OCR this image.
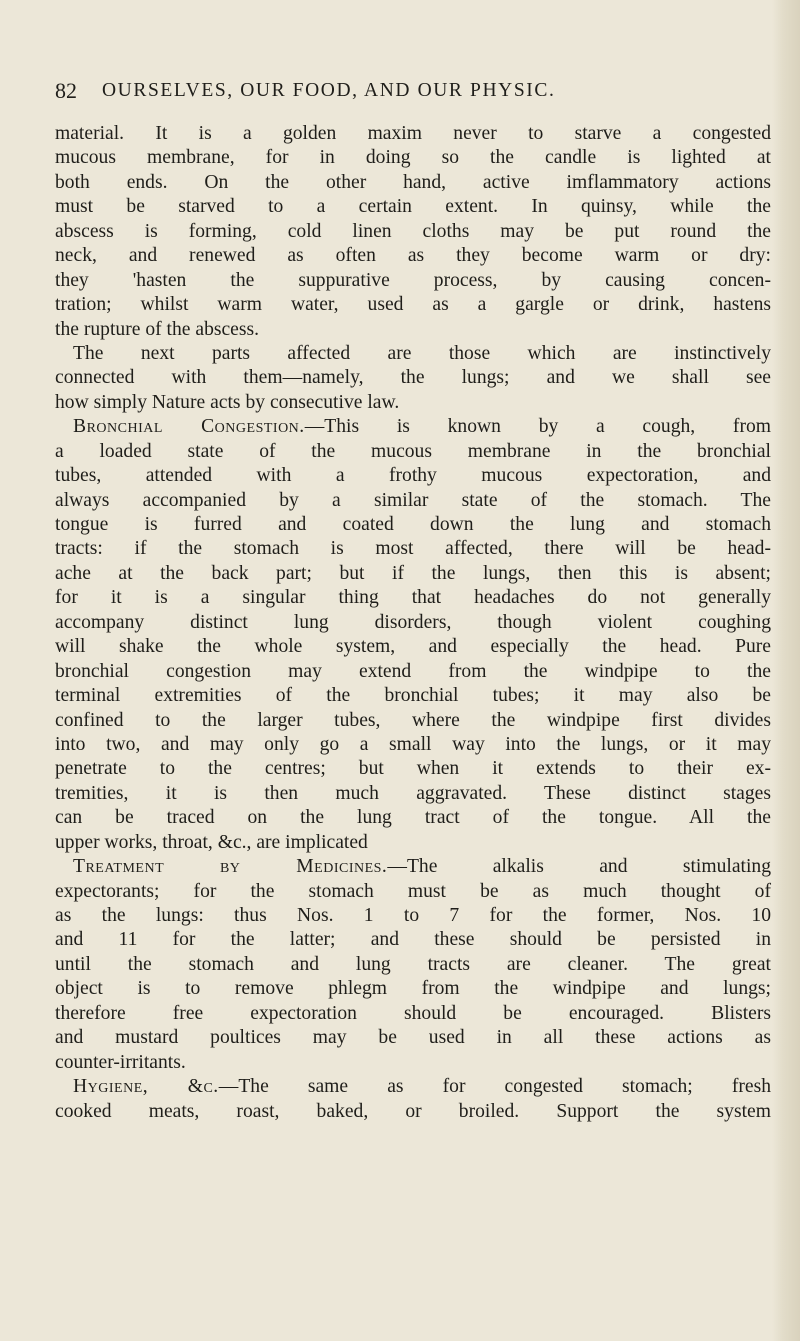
82 OURSELVES, OUR FOOD, AND OUR PHYSIC.
material. It is a golden maxim never to starve a congested
mucous membrane, for in doing so the candle is lighted at
both ends. On the other hand, active imflammatory actions
must be starved to a certain extent. In quinsy, while the
abscess is forming, cold linen cloths may be put round the
neck, and renewed as often as they become warm or dry:
they 'hasten the suppurative process, by causing concen-
tration; whilst warm water, used as a gargle or drink, hastens
the rupture of the abscess.
The next parts affected are those which are instinctively
connected with them—namely, the lungs; and we shall see
how simply Nature acts by consecutive law.
Bronchial Congestion.—This is known by a cough, from
a loaded state of the mucous membrane in the bronchial
tubes, attended with a frothy mucous expectoration, and
always accompanied by a similar state of the stomach. The
tongue is furred and coated down the lung and stomach
tracts: if the stomach is most affected, there will be head-
ache at the back part; but if the lungs, then this is absent;
for it is a singular thing that headaches do not generally
accompany distinct lung disorders, though violent coughing
will shake the whole system, and especially the head. Pure
bronchial congestion may extend from the windpipe to the
terminal extremities of the bronchial tubes; it may also be
confined to the larger tubes, where the windpipe first divides
into two, and may only go a small way into the lungs, or it may
penetrate to the centres; but when it extends to their ex-
tremities, it is then much aggravated. These distinct stages
can be traced on the lung tract of the tongue. All the
upper works, throat, &c., are implicated
Treatment by Medicines.—The alkalis and stimulating
expectorants; for the stomach must be as much thought of
as the lungs: thus Nos. 1 to 7 for the former, Nos. 10
and 11 for the latter; and these should be persisted in
until the stomach and lung tracts are cleaner. The great
object is to remove phlegm from the windpipe and lungs;
therefore free expectoration should be encouraged. Blisters
and mustard poultices may be used in all these actions as
counter-irritants.
Hygiene, &c.—The same as for congested stomach; fresh
cooked meats, roast, baked, or broiled. Support the system
